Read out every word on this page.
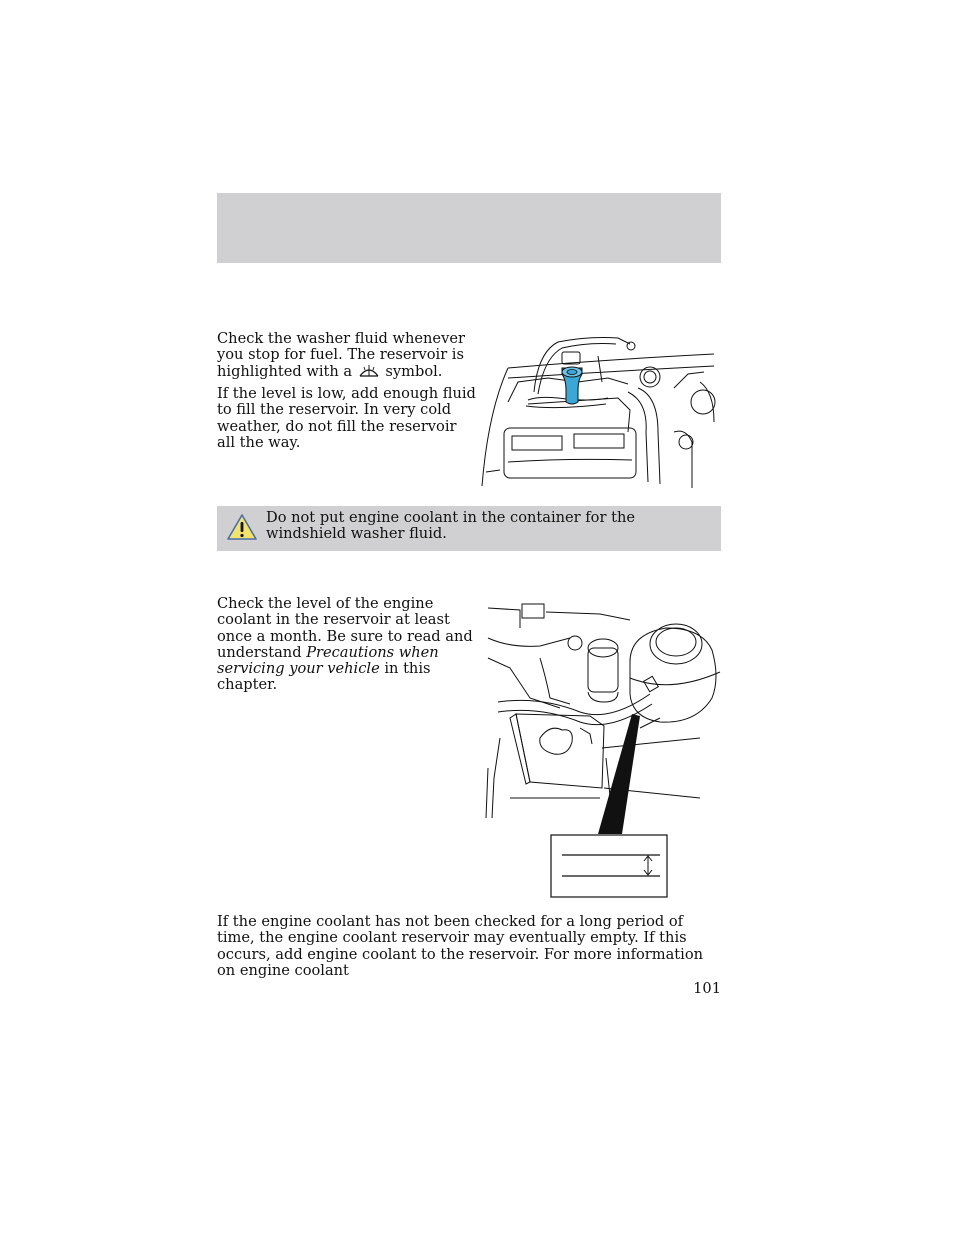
Check the washer fluid whenever you stop for fuel. The reservoir is highlighted with a symbol.

If the level is low, add enough fluid to fill the reservoir. In very cold weather, do not fill the reservoir all the way.

Do not put engine coolant in the container for the windshield washer fluid.

Check the level of the engine coolant in the reservoir at least once a month. Be sure to read and understand Precautions when servicing your vehicle in this chapter.

If the engine coolant has not been checked for a long period of time, the engine coolant reservoir may eventually empty. If this occurs, add engine coolant to the reservoir. For more information on engine coolant

101
